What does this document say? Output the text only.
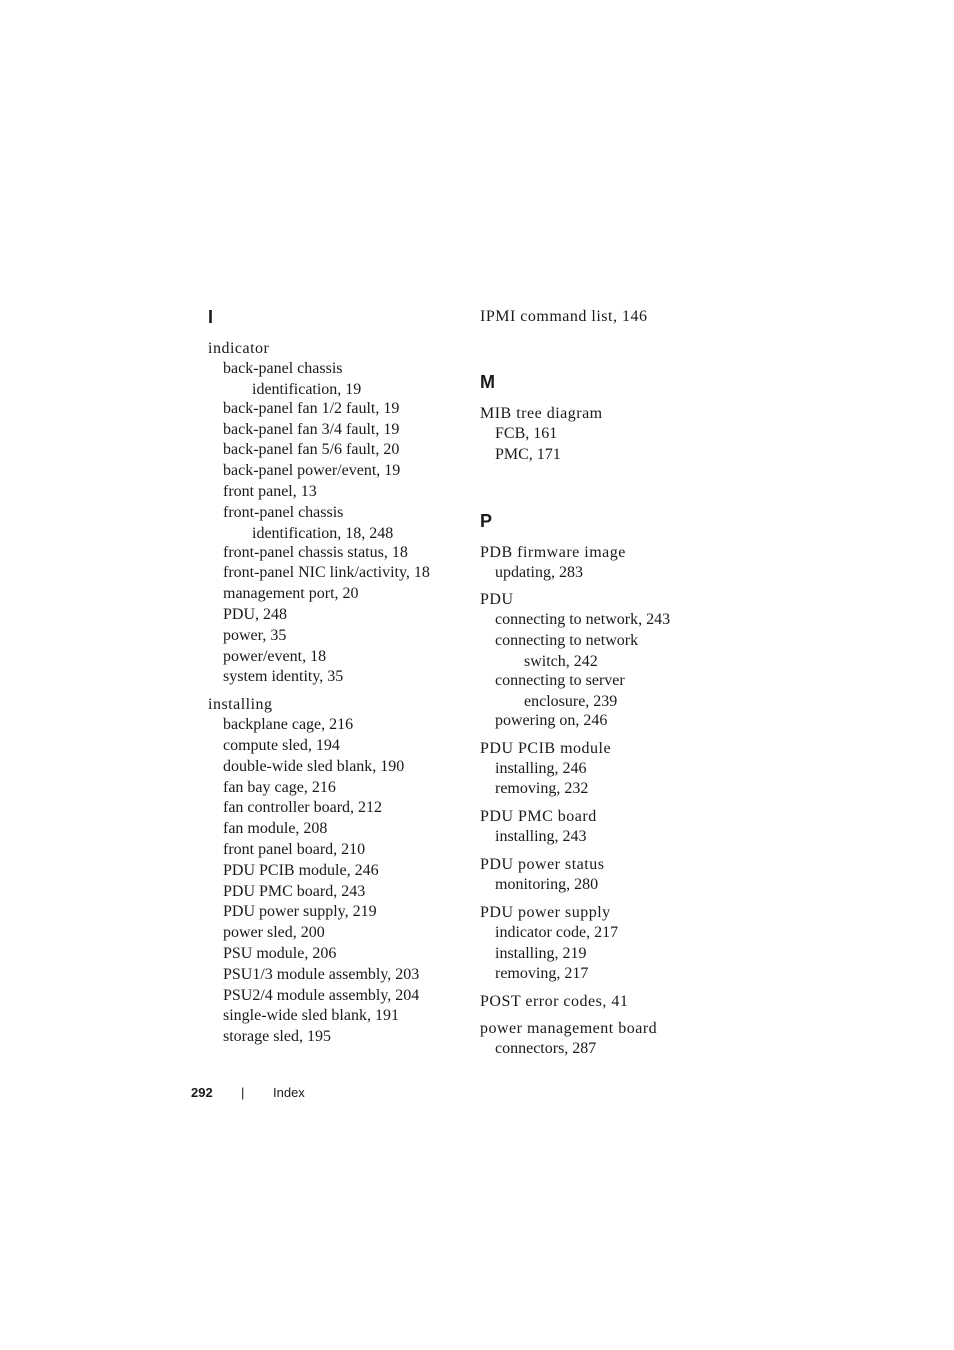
I
indicator
back-panel chassis
identification, 19
back-panel fan 1/2 fault, 19
back-panel fan 3/4 fault, 19
back-panel fan 5/6 fault, 20
back-panel power/event, 19
front panel, 13
front-panel chassis
identification, 18, 248
front-panel chassis status, 18
front-panel NIC link/activity, 18
management port, 20
PDU, 248
power, 35
power/event, 18
system identity, 35
installing
backplane cage, 216
compute sled, 194
double-wide sled blank, 190
fan bay cage, 216
fan controller board, 212
fan module, 208
front panel board, 210
PDU PCIB module, 246
PDU PMC board, 243
PDU power supply, 219
power sled, 200
PSU module, 206
PSU1/3 module assembly, 203
PSU2/4 module assembly, 204
single-wide sled blank, 191
storage sled, 195
IPMI command list, 146
M
MIB tree diagram
FCB, 161
PMC, 171
P
PDB firmware image
updating, 283
PDU
connecting to network, 243
connecting to network
switch, 242
connecting to server
enclosure, 239
powering on, 246
PDU PCIB module
installing, 246
removing, 232
PDU PMC board
installing, 243
PDU power status
monitoring, 280
PDU power supply
indicator code, 217
installing, 219
removing, 217
POST error codes, 41
power management board
connectors, 287
292 | Index
